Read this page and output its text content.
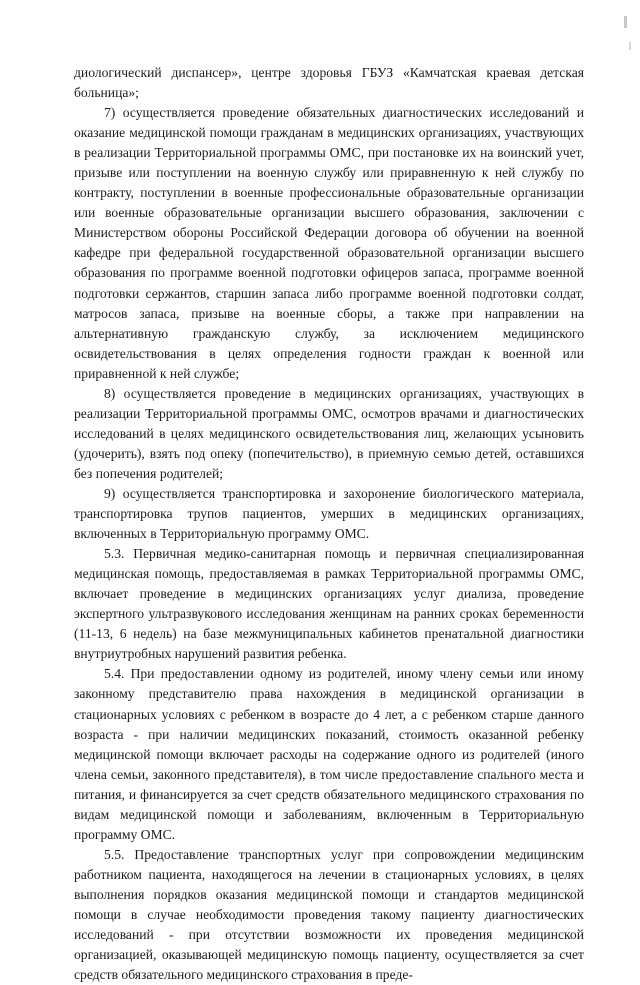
диологический диспансер», центре здоровья ГБУЗ «Камчатская краевая детская больница»;

7) осуществляется проведение обязательных диагностических исследований и оказание медицинской помощи гражданам в медицинских организациях, участвующих в реализации Территориальной программы ОМС, при постановке их на воинский учет, призыве или поступлении на военную службу или приравненную к ней службу по контракту, поступлении в военные профессиональные образовательные организации или военные образовательные организации высшего образования, заключении с Министерством обороны Российской Федерации договора об обучении на военной кафедре при федеральной государственной образовательной организации высшего образования по программе военной подготовки офицеров запаса, программе военной подготовки сержантов, старшин запаса либо программе военной подготовки солдат, матросов запаса, призыве на военные сборы, а также при направлении на альтернативную гражданскую службу, за исключением медицинского освидетельствования в целях определения годности граждан к военной или приравненной к ней службе;

8) осуществляется проведение в медицинских организациях, участвующих в реализации Территориальной программы ОМС, осмотров врачами и диагностических исследований в целях медицинского освидетельствования лиц, желающих усыновить (удочерить), взять под опеку (попечительство), в приемную семью детей, оставшихся без попечения родителей;

9) осуществляется транспортировка и захоронение биологического материала, транспортировка трупов пациентов, умерших в медицинских организациях, включенных в Территориальную программу ОМС.

5.3. Первичная медико-санитарная помощь и первичная специализированная медицинская помощь, предоставляемая в рамках Территориальной программы ОМС, включает проведение в медицинских организациях услуг диализа, проведение экспертного ультразвукового исследования женщинам на ранних сроках беременности (11-13, 6 недель) на базе межмуниципальных кабинетов пренатальной диагностики внутриутробных нарушений развития ребенка.

5.4. При предоставлении одному из родителей, иному члену семьи или иному законному представителю права нахождения в медицинской организации в стационарных условиях с ребенком в возрасте до 4 лет, а с ребенком старше данного возраста - при наличии медицинских показаний, стоимость оказанной ребенку медицинской помощи включает расходы на содержание одного из родителей (иного члена семьи, законного представителя), в том числе предоставление спального места и питания, и финансируется за счет средств обязательного медицинского страхования по видам медицинской помощи и заболеваниям, включенным в Территориальную программу ОМС.

5.5. Предоставление транспортных услуг при сопровождении медицинским работником пациента, находящегося на лечении в стационарных условиях, в целях выполнения порядков оказания медицинской помощи и стандартов медицинской помощи в случае необходимости проведения такому пациенту диагностических исследований - при отсутствии возможности их проведения медицинской организацией, оказывающей медицинскую помощь пациенту, осуществляется за счет средств обязательного медицинского страхования в преде-
